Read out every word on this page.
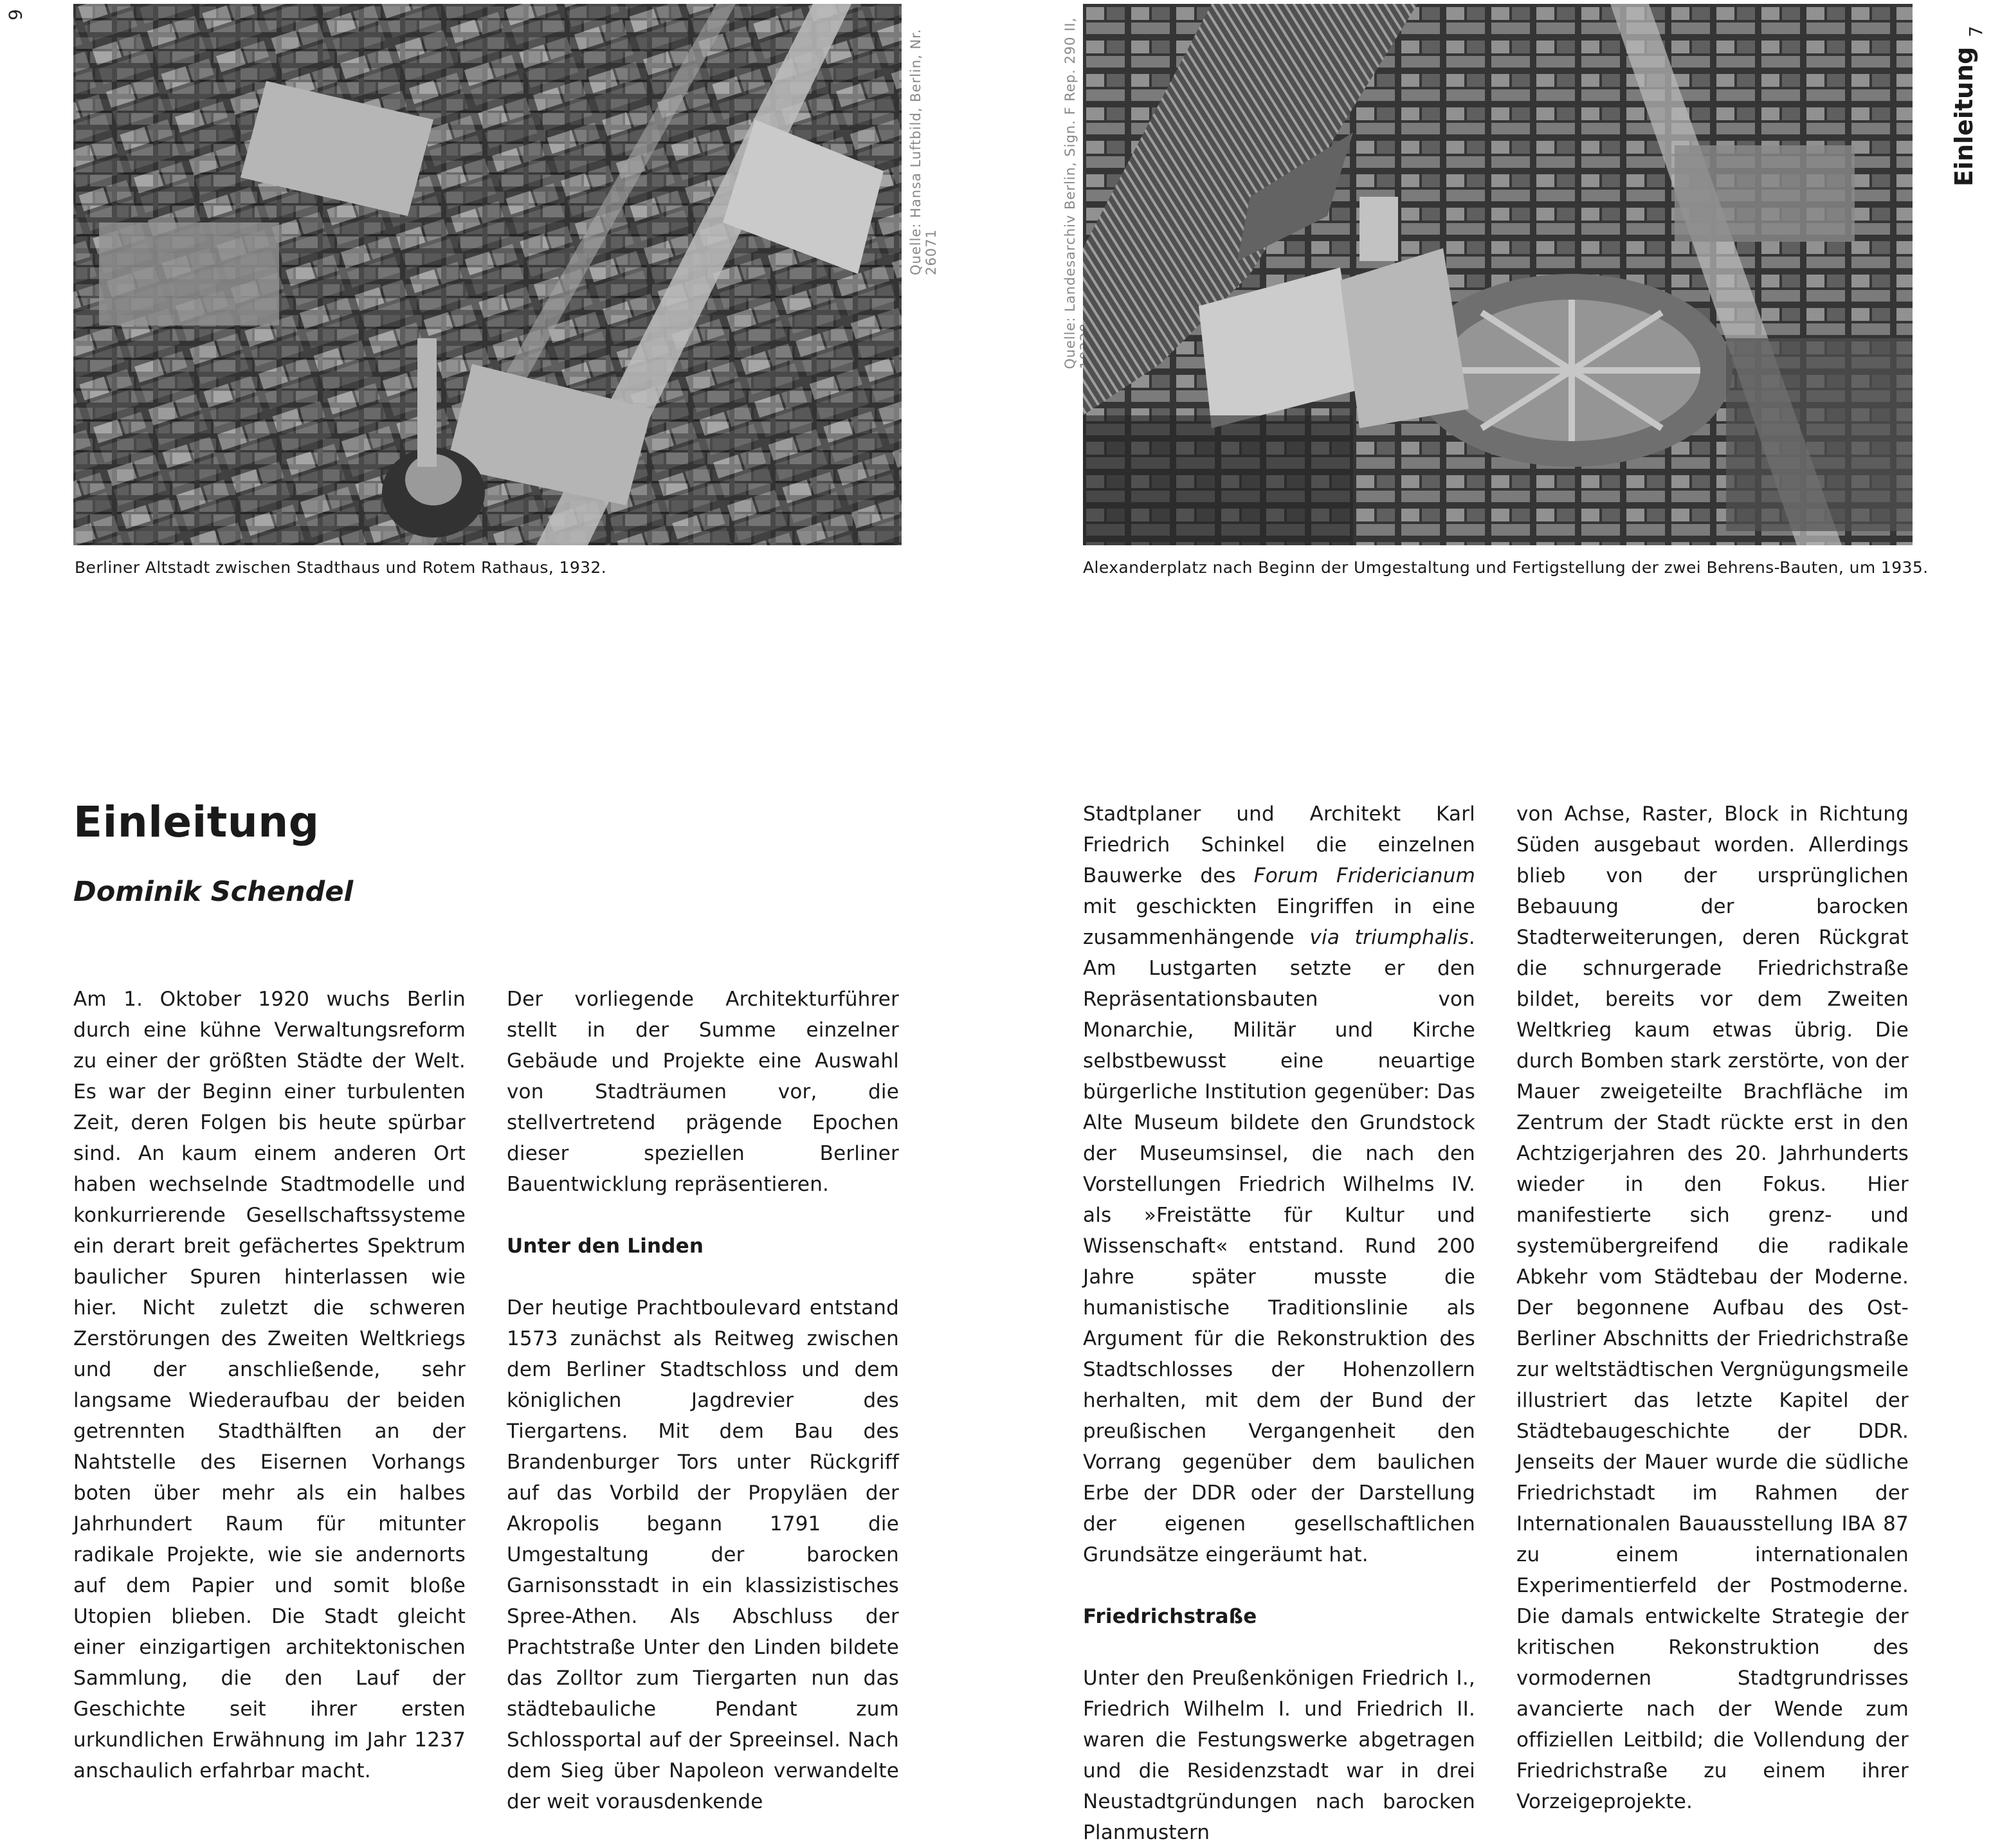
6
7
Einleitung
Quelle: Hansa Luftbild, Berlin, Nr. 26071
Berliner Altstadt zwischen Stadthaus und Rotem Rathaus, 1932.
Quelle: Landesarchiv Berlin, Sign. F Rep. 290 II,
Alexanderplatz nach Beginn der Umgestaltung und Fertigstellung der zwei Behrens-Bauten, um 1935.
Einleitung
Dominik Schendel

Am 1. Oktober 1920 wuchs Berlin durch eine kühne Verwaltungsreform zu einer der größten Städte der Welt. Es war der Beginn einer turbulenten Zeit, deren Folgen bis heute spürbar sind. An kaum einem anderen Ort haben wechselnde Stadtmodelle und konkurrierende Gesellschaftssysteme ein derart breit gefächertes Spektrum baulicher Spuren hinterlassen wie hier. Nicht zuletzt die schweren Zerstörungen des Zweiten Weltkriegs und der anschließende, sehr langsame Wiederaufbau der beiden getrennten Stadthälften an der Nahtstelle des Eisernen Vorhangs boten über mehr als ein halbes Jahrhundert Raum für mitunter radikale Projekte, wie sie andernorts auf dem Papier und somit bloße Utopien blieben. Die Stadt gleicht einer einzigartigen architektonischen Sammlung, die den Lauf der Geschichte seit ihrer ersten urkundlichen Erwähnung im Jahr 1237 anschaulich erfahrbar macht.

Der vorliegende Architekturführer stellt in der Summe einzelner Gebäude und Projekte eine Auswahl von Stadträumen vor, die stellvertretend prägende Epochen dieser speziellen Berliner Bauentwicklung repräsentieren.

Unter den Linden

Der heutige Prachtboulevard entstand 1573 zunächst als Reitweg zwischen dem Berliner Stadtschloss und dem königlichen Jagdrevier des Tiergartens. Mit dem Bau des Brandenburger Tors unter Rückgriff auf das Vorbild der Propyläen der Akropolis begann 1791 die Umgestaltung der barocken Garnisonsstadt in ein klassizistisches Spree-Athen. Als Abschluss der Prachtstraße Unter den Linden bildete das Zolltor zum Tiergarten nun das städtebauliche Pendant zum Schlossportal auf der Spreeinsel. Nach dem Sieg über Napoleon verwandelte der weit vorausdenkende

Stadtplaner und Architekt Karl Friedrich Schinkel die einzelnen Bauwerke des Forum Fridericianum mit geschickten Eingriffen in eine zusammenhängende via triumphalis. Am Lustgarten setzte er den Repräsentationsbauten von Monarchie, Militär und Kirche selbstbewusst eine neuartige bürgerliche Institution gegenüber: Das Alte Museum bildete den Grundstock der Museumsinsel, die nach den Vorstellungen Friedrich Wilhelms IV. als »Freistätte für Kultur und Wissenschaft« entstand. Rund 200 Jahre später musste die humanistische Traditionslinie als Argument für die Rekonstruktion des Stadtschlosses der Hohenzollern herhalten, mit dem der Bund der preußischen Vergangenheit den Vorrang gegenüber dem baulichen Erbe der DDR oder der Darstellung der eigenen gesellschaftlichen Grundsätze eingeräumt hat.

Friedrichstraße

Unter den Preußenkönigen Friedrich I., Friedrich Wilhelm I. und Friedrich II. waren die Festungswerke abgetragen und die Residenzstadt war in drei Neustadtgründungen nach barocken Planmustern

von Achse, Raster, Block in Richtung Süden ausgebaut worden. Allerdings blieb von der ursprünglichen Bebauung der barocken Stadterweiterungen, deren Rückgrat die schnurgerade Friedrichstraße bildet, bereits vor dem Zweiten Weltkrieg kaum etwas übrig. Die durch Bomben stark zerstörte, von der Mauer zweigeteilte Brachfläche im Zentrum der Stadt rückte erst in den Achtzigerjahren des 20. Jahrhunderts wieder in den Fokus. Hier manifestierte sich grenz- und systemübergreifend die radikale Abkehr vom Städtebau der Moderne. Der begonnene Aufbau des Ost-Berliner Abschnitts der Friedrichstraße zur weltstädtischen Vergnügungsmeile illustriert das letzte Kapitel der Städtebaugeschichte der DDR. Jenseits der Mauer wurde die südliche Friedrichstadt im Rahmen der Internationalen Bauausstellung IBA 87 zu einem internationalen Experimentierfeld der Postmoderne. Die damals entwickelte Strategie der kritischen Rekonstruktion des vormodernen Stadtgrundrisses avancierte nach der Wende zum offiziellen Leitbild; die Vollendung der Friedrichstraße zu einem ihrer Vorzeigeprojekte.
